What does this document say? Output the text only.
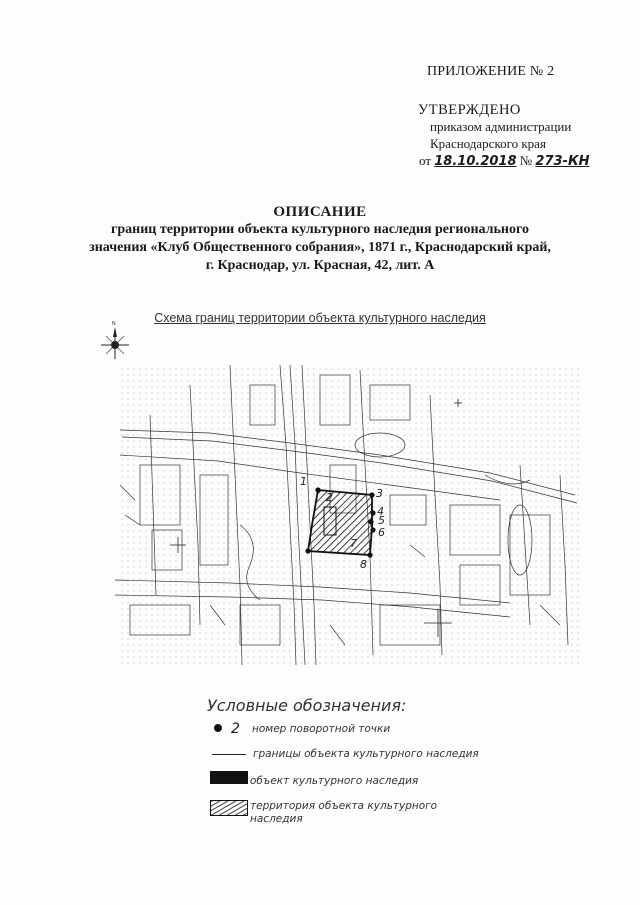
ПРИЛОЖЕНИЕ № 2
УТВЕРЖДЕНО
приказом администрации
Краснодарского края
от 18.10.2018 № 273-КН
ОПИСАНИЕ
границ территории объекта культурного наследия регионального
значения «Клуб Общественного собрания», 1871 г., Краснодарский край,
г. Краснодар, ул. Красная, 42, лит. А
Схема границ территории объекта культурного наследия
N
1
2	3
4
5
6
7
8
Условные обозначения:
2 номер поворотной точки
границы объекта культурного наследия
объект культурного наследия
территория объекта культурного
наследия
